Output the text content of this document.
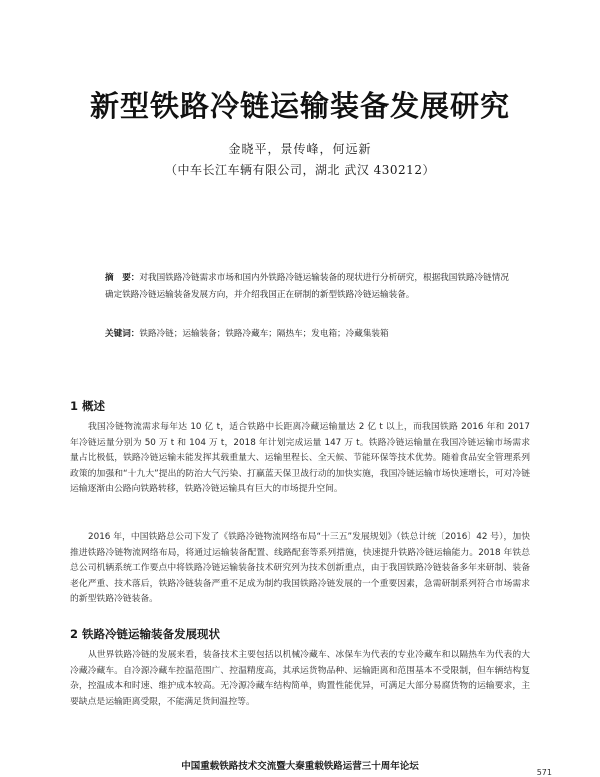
新型铁路冷链运输装备发展研究
金晓平，景传峰，何远新
（中车长江车辆有限公司，湖北 武汉 430212）
摘　要：对我国铁路冷链需求市场和国内外铁路冷链运输装备的现状进行分析研究，根据我国铁路冷链情况确定铁路冷链运输装备发展方向，并介绍我国正在研制的新型铁路冷链运输装备。
关键词：铁路冷链；运输装备；铁路冷藏车；隔热车；发电箱；冷藏集装箱
1 概述
我国冷链物流需求每年达 10 亿 t，适合铁路中长距离冷藏运输量达 2 亿 t 以上，而我国铁路 2016 年和 2017 年冷链运量分别为 50 万 t 和 104 万 t，2018 年计划完成运量 147 万 t。铁路冷链运输量在我国冷链运输市场需求量占比极低，铁路冷链运输未能发挥其载重量大、运输里程长、全天候、节能环保等技术优势。随着食品安全管理系列政策的加强和“十九大”提出的防治大气污染、打赢蓝天保卫战行动的加快实施，我国冷链运输市场快速增长，可对冷链运输逐渐由公路向铁路转移，铁路冷链运输具有巨大的市场提升空间。
2016 年，中国铁路总公司下发了《铁路冷链物流网络布局“十三五”发展规划》（铁总计统〔2016〕42 号），加快推进铁路冷链物流网络布局，将通过运输装备配置、线路配套等系列措施，快速提升铁路冷链运输能力。2018 年铁总总公司机辆系统工作要点中将铁路冷链运输装备技术研究列为技术创新重点，由于我国铁路冷链装备多年来研制、装备老化严重、技术落后，铁路冷链装备严重不足成为制约我国铁路冷链发展的一个重要因素，急需研制系列符合市场需求的新型铁路冷链装备。
2 铁路冷链运输装备发展现状
从世界铁路冷链的发展来看，装备技术主要包括以机械冷藏车、冰保车为代表的专业冷藏车和以隔热车为代表的大冷藏冷藏车。自冷源冷藏车控温范围广、控温精度高，其承运货物品种、运输距离和范围基本不受限制，但车辆结构复杂，控温成本和时速、维护成本较高。无冷源冷藏车结构简单，购置性能优异，可满足大部分易腐货物的运输要求，主要缺点是运输距离受限，不能满足货间温控等。
中国重载铁路技术交流暨大秦重载铁路运营三十周年论坛
571
